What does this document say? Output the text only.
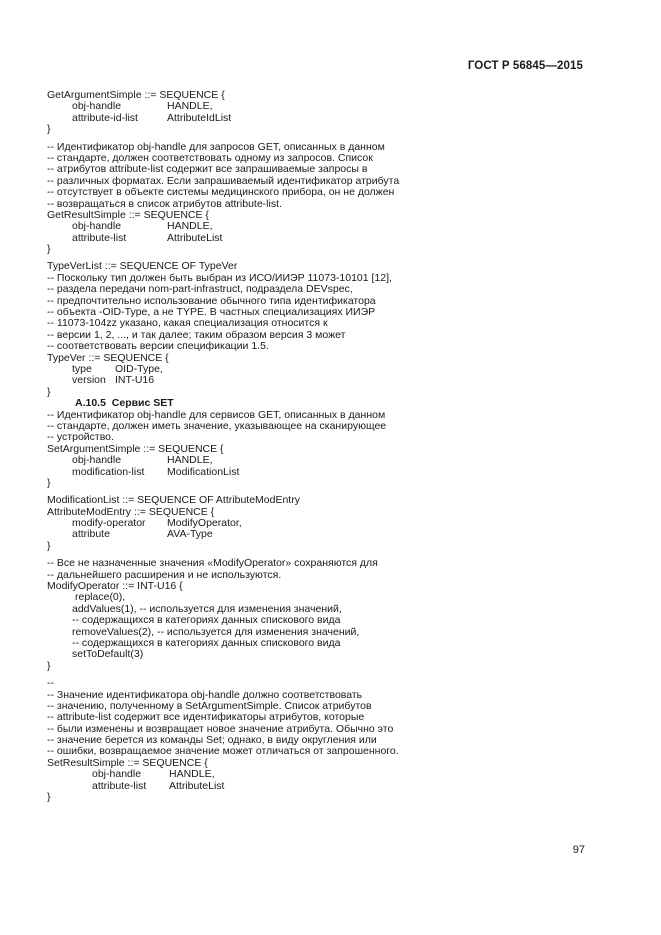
ГОСТ Р 56845—2015
GetArgumentSimple ::= SEQUENCE {
obj-handle	HANDLE,
attribute-id-list	AttributeIdList
}
-- Идентификатор obj-handle для запросов GET, описанных в данном
-- стандарте, должен соответствовать одному из запросов. Список
-- атрибутов attribute-list содержит все запрашиваемые запросы в
-- различных форматах. Если запрашиваемый идентификатор атрибута
-- отсутствует в объекте системы медицинского прибора, он не должен
-- возвращаться в список атрибутов attribute-list.
GetResultSimple ::= SEQUENCE {
obj-handle	HANDLE,
attribute-list	AttributeList
}
TypeVerList ::= SEQUENCE OF TypeVer
-- Поскольку тип должен быть выбран из ИСО/ИИЭР 11073-10101 [12],
-- раздела передачи nom-part-infrastruct, подраздела DEVspec,
-- предпочтительно использование обычного типа идентификатора
-- объекта -OID-Type, а не TYPE. В частных специализациях ИИЭР
-- 11073-104zz указано, какая специализация относится к
-- версии 1, 2, ..., и так далее; таким образом версия 3 может
-- соответствовать версии спецификации 1.5.
TypeVer ::= SEQUENCE {
type OID-Type,
version INT-U16
}
A.10.5  Сервис SET
-- Идентификатор obj-handle для сервисов GET, описанных в данном
-- стандарте, должен иметь значение, указывающее на сканирующее
-- устройство.
SetArgumentSimple ::= SEQUENCE {
obj-handle	HANDLE,
modification-list ModificationList
}
ModificationList ::= SEQUENCE OF AttributeModEntry
AttributeModEntry ::= SEQUENCE {
modify-operator ModifyOperator,
attribute	AVA-Type
}
-- Все не назначенные значения «ModifyOperator» сохраняются для
-- дальнейшего расширения и не используются.
ModifyOperator ::= INT-U16 {
replace(0),
addValues(1), -- используется для изменения значений,
-- содержащихся в категориях данных спискового вида
removeValues(2), -- используется для изменения значений,
-- содержащихся в категориях данных спискового вида
setToDefault(3)
}
--
-- Значение идентификатора obj-handle должно соответствовать
-- значению, полученному в SetArgumentSimple. Список атрибутов
-- attribute-list содержит все идентификаторы атрибутов, которые
-- были изменены и возвращает новое значение атрибута. Обычно это
-- значение берется из команды Set; однако, в виду округления или
-- ошибки, возвращаемое значение может отличаться от запрошенного.
SetResultSimple ::= SEQUENCE {
obj-handle	HANDLE,
attribute-list AttributeList
}
97
